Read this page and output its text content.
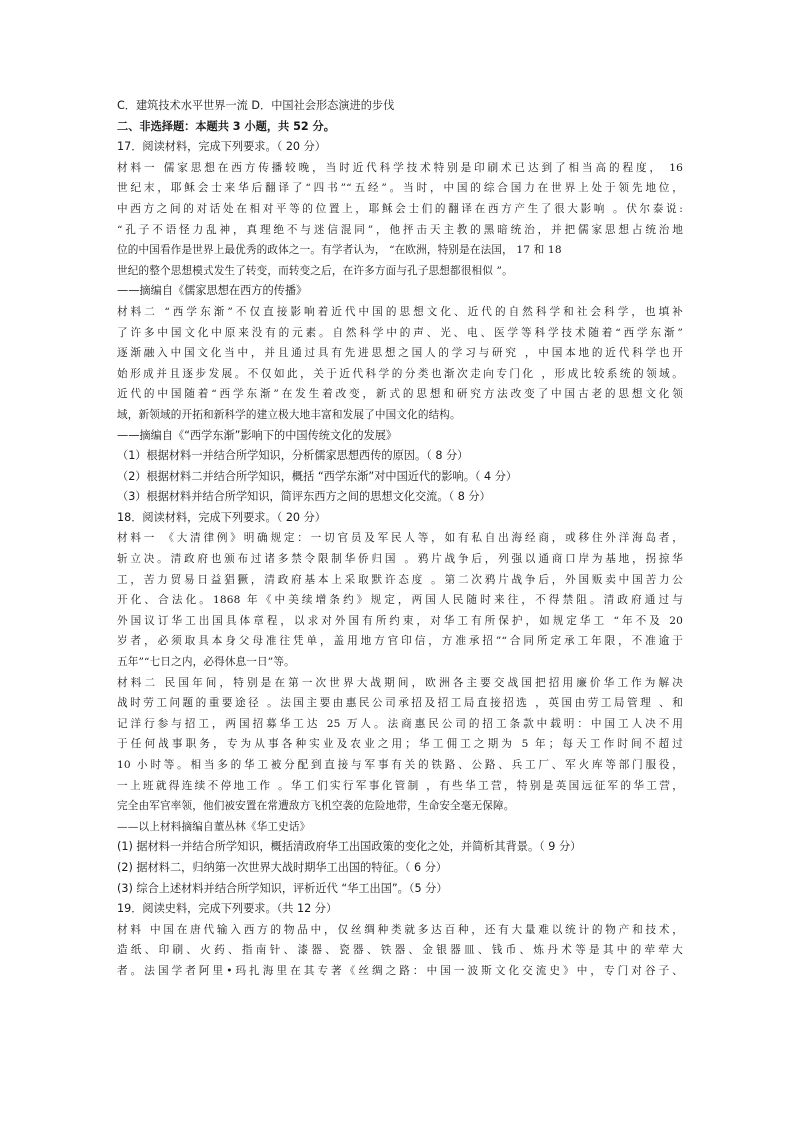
C．建筑技术水平世界一流 D．中国社会形态演进的步伐
二、非选择题：本题共 3 小题，共 52 分。
17．阅读材料，完成下列要求。（ 20 分）
材料一 儒家思想在西方传播较晚，当时近代科学技术特别是印刷术已达到了相当高的程度， 16
世纪末，耶稣会士来华后翻译了“四书”“五经”。当时，中国的综合国力在世界上处于领先地位，
中西方之间的对话处在相对平等的位置上，耶稣会士们的翻译在西方产生了很大影响 。伏尔泰说:
“孔子不语怪力乱神，真理绝不与迷信混同”，他抨击天主教的黑暗统治，并把儒家思想占统治地
位的中国看作是世界上最优秀的政体之一。有学者认为， “在欧洲，特别是在法国， 17 和 18
世纪的整个思想模式发生了转变，而转变之后，在许多方面与孔子思想都很相似 ”。
——摘编自《儒家思想在西方的传播》
材料二 “西学东渐”不仅直接影响着近代中国的思想文化、近代的自然科学和社会科学，也填补
了许多中国文化中原来没有的元素。自然科学中的声、光、电、医学等科学技术随着“西学东渐”
逐渐融入中国文化当中，并且通过具有先进思想之国人的学习与研究 ，中国本地的近代科学也开
始形成并且逐步发展。不仅如此，关于近代科学的分类也渐次走向专门化 ，形成比较系统的领域。
近代的中国随着“西学东渐”在发生着改变，新式的思想和研究方法改变了中国古老的思想文化领
域，新领域的开拓和新科学的建立极大地丰富和发展了中国文化的结构。
——摘编自《“西学东渐”影响下的中国传统文化的发展》
（1）根据材料一并结合所学知识，分析儒家思想西传的原因。（ 8 分）
（2）根据材料二并结合所学知识，概括 “西学东渐”对中国近代的影响。（ 4 分）
（3）根据材料并结合所学知识，简评东西方之间的思想文化交流。（ 8 分）
18．阅读材料，完成下列要求。（ 20 分）
材料一 《大清律例》明确规定：一切官员及军民人等，如有私自出海经商，或移住外洋海岛者，
斩立决。清政府也颁布过诸多禁令限制华侨归国 。鸦片战争后，列强以通商口岸为基地，拐掠华
工，苦力贸易日益猖獗，清政府基本上采取默许态度 。第二次鸦片战争后，外国贩卖中国苦力公
开化、合法化。1868 年《中美续增条约》规定，两国人民随时来往，不得禁阻。清政府通过与
外国议订华工出国具体章程，以求对外国有所约束，对华工有所保护，如规定华工 “年不及 20
岁者，必须取具本身父母准往凭单，盖用地方官印信，方准承招”“合同所定承工年限，不准逾于
五年”“七日之内，必得休息一日”等。
材料二 民国年间，特别是在第一次世界大战期间，欧洲各主要交战国把招用廉价华工作为解决
战时劳工问题的重要途径 。法国主要由惠民公司承招及招工局直接招选 ，英国由劳工局管理 、和
记洋行参与招工，两国招募华工达 25 万人。法商惠民公司的招工条款中载明：中国工人决不用
于任何战事职务，专为从事各种实业及农业之用；华工佣工之期为 5 年；每天工作时间不超过
10 小时等。相当多的华工被分配到直接与军事有关的铁路、公路、兵工厂、军火库等部门服役，
一上班就得连续不停地工作 。华工们实行军事化管制 ，有些华工营，特别是英国远征军的华工营，
完全由军官率领，他们被安置在常遭敌方飞机空袭的危险地带，生命安全毫无保障。
——以上材料摘编自董丛林《华工史话》
(1) 据材料一并结合所学知识，概括清政府华工出国政策的变化之处，并简析其背景。（ 9 分）
(2) 据材料二，归纳第一次世界大战时期华工出国的特征。（ 6 分）
(3) 综合上述材料并结合所学知识，评析近代 “华工出国”。（5 分）
19．阅读史料，完成下列要求。（共 12 分）
材料 中国在唐代输入西方的物品中，仅丝绸种类就多达百种，还有大量难以统计的物产和技术，
造纸、印刷、火药、指南针、漆器、瓷器、铁器、金银器皿、钱币、炼丹术等是其中的荦荦大
者。法国学者阿里•玛扎海里在其专著《丝绸之路：中国一波斯文化交流史》中，专门对谷子、
